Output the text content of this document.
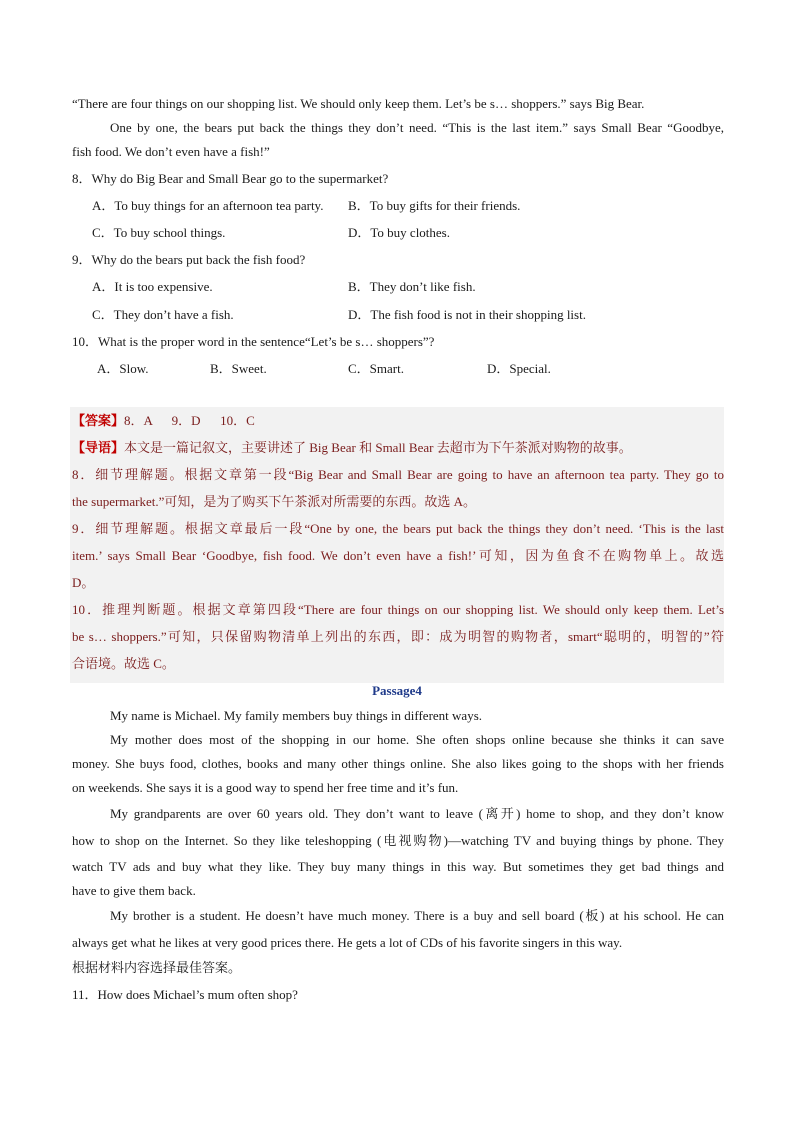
“There are four things on our shopping list. We should only keep them. Let’s be s… shoppers.” says Big Bear.
One by one, the bears put back the things they don’t need. “This is the last item.” says Small Bear “Goodbye,
fish food. We don’t even have a fish!”
8．Why do Big Bear and Small Bear go to the supermarket?
A．To buy things for an afternoon tea party. B．To buy gifts for their friends.
C．To buy school things.	D．To buy clothes.
9．Why do the bears put back the fish food?
A．It is too expensive.	B．They don’t like fish.
C．They don’t have a fish.	D．The fish food is not in their shopping list.
10．What is the proper word in the sentence“Let’s be s… shoppers”?
A．Slow.	B．Sweet.	C．Smart.	D．Special.
【答案】8．A      9．D      10．C
【导语】本文是一篇记叙文，主要讲述了 Big Bear 和 Small Bear 去超市为下午茶派对购物的故事。
8．细节理解题。根据文章第一段“Big Bear and Small Bear are going to have an afternoon tea party. They go to
the supermarket.”可知，是为了购买下午茶派对所需要的东西。故选 A。
9．细节理解题。根据文章最后一段“One by one, the bears put back the things they don’t need. ‘This is the last
item.’ says Small Bear ‘Goodbye, fish food. We don’t even have a fish!’可知，因为鱼食不在购物单上。故选
D。
10．推理判断题。根据文章第四段“There are four things on our shopping list. We should only keep them. Let’s
be s… shoppers.”可知，只保留购物清单上列出的东西，即：成为明智的购物者，smart“聪明的，明智的”符
合语境。故选 C。
Passage4
My name is Michael. My family members buy things in different ways.
My mother does most of the shopping in our home. She often shops online because she thinks it can save
money. She buys food, clothes, books and many other things online. She also likes going to the shops with her friends
on weekends. She says it is a good way to spend her free time and it’s fun.
My grandparents are over 60 years old. They don’t want to leave (离开) home to shop, and they don’t know
how to shop on the Internet. So they like teleshopping (电视购物)—watching TV and buying things by phone. They
watch TV ads and buy what they like. They buy many things in this way. But sometimes they get bad things and
have to give them back.
My brother is a student. He doesn’t have much money. There is a buy and sell board (板) at his school. He can
always get what he likes at very good prices there. He gets a lot of CDs of his favorite singers in this way.
根据材料内容选择最佳答案。
11．How does Michael’s mum often shop?
